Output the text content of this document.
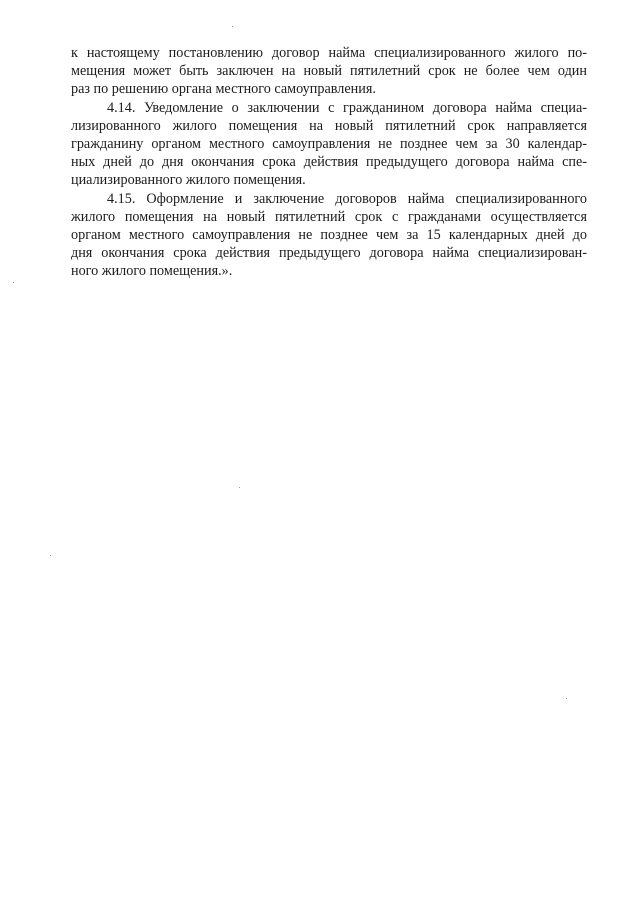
к настоящему постановлению договор найма специализированного жилого по-
мещения может быть заключен на новый пятилетний срок не более чем один
раз по решению органа местного самоуправления.
4.14. Уведомление о заключении с гражданином договора найма специа-
лизированного жилого помещения на новый пятилетний срок направляется
гражданину органом местного самоуправления не позднее чем за 30 календар-
ных дней до дня окончания срока действия предыдущего договора найма спе-
циализированного жилого помещения.
4.15. Оформление и заключение договоров найма специализированного
жилого помещения на новый пятилетний срок с гражданами осуществляется
органом местного самоуправления не позднее чем за 15 календарных дней до
дня окончания срока действия предыдущего договора найма специализирован-
ного жилого помещения.».
